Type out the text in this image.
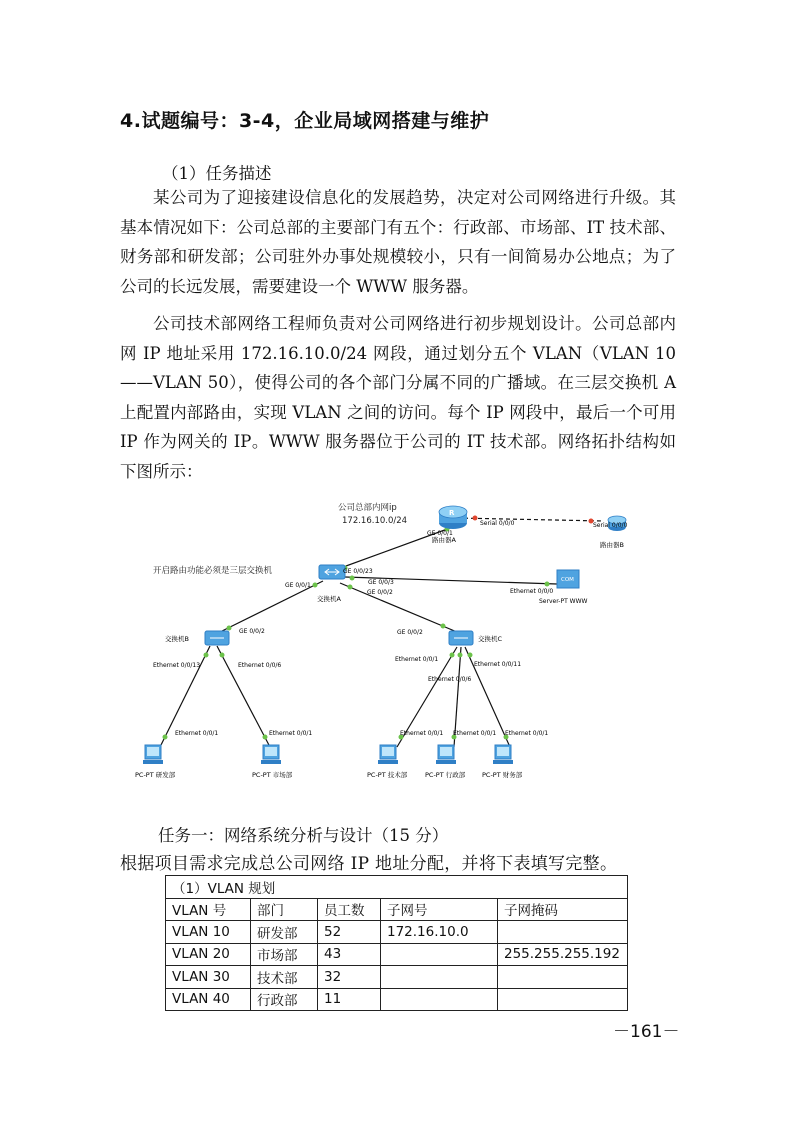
4.试题编号：3-4，企业局域网搭建与维护
（1）任务描述
某公司为了迎接建设信息化的发展趋势，决定对公司网络进行升级。其基本情况如下：公司总部的主要部门有五个：行政部、市场部、IT 技术部、财务部和研发部；公司驻外办事处规模较小，只有一间简易办公地点；为了公司的长远发展，需要建设一个 WWW 服务器。
公司技术部网络工程师负责对公司网络进行初步规划设计。公司总部内网 IP 地址采用 172.16.10.0/24 网段，通过划分五个 VLAN（VLAN 10——VLAN 50），使得公司的各个部门分属不同的广播域。在三层交换机 A 上配置内部路由，实现 VLAN 之间的访问。每个 IP 网段中，最后一个可用 IP 作为网关的 IP。WWW 服务器位于公司的 IT 技术部。网络拓扑结构如下图所示：
公司总部内网ip
172.16.10.0/24
开启路由功能必须是三层交换机
R
路由器A
GE 0/0/1
Serial 0/0/0
路由器B
Serial 0/0/0
交换机A
GE 0/0/23
GE 0/0/3
GE 0/0/2
GE 0/0/1
COM
Server-PT WWW
Ethernet 0/0/0
交换机B
GE 0/0/2
Ethernet 0/0/13	Ethernet 0/0/6
交换机C
GE 0/0/2
Ethernet 0/0/1
Ethernet 0/0/6
Ethernet 0/0/11
PC-PT 研发部
Ethernet 0/0/1
PC-PT 市场部
Ethernet 0/0/1
PC-PT 技术部
Ethernet 0/0/1
PC-PT 行政部
Ethernet 0/0/1
PC-PT 财务部
Ethernet 0/0/1
任务一：网络系统分析与设计（15 分）
根据项目需求完成总公司网络 IP 地址分配，并将下表填写完整。
（1）VLAN 规划				
VLAN 号	部门	员工数	子网号	子网掩码
VLAN 10	研发部	52	172.16.10.0	
VLAN 20	市场部	43		255.255.255.192
VLAN 30	技术部	32		
VLAN 40	行政部	11		
－161－
